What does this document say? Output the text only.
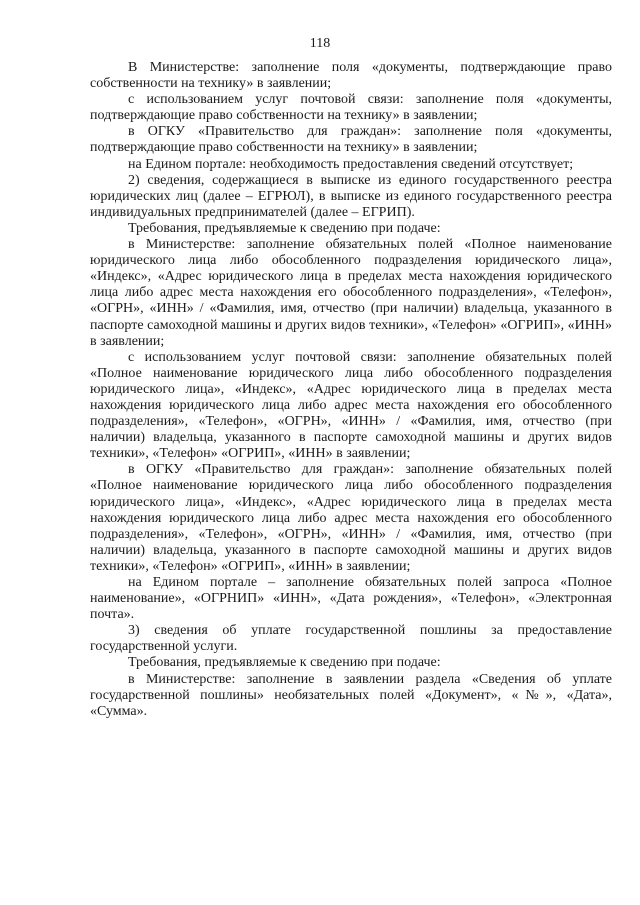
118

В Министерстве: заполнение поля «документы, подтверждающие право собственности на технику» в заявлении;

с использованием услуг почтовой связи: заполнение поля «документы, подтверждающие право собственности на технику» в заявлении;

в ОГКУ «Правительство для граждан»: заполнение поля «документы, подтверждающие право собственности на технику» в заявлении;

на Едином портале: необходимость предоставления сведений отсутствует;

2) сведения, содержащиеся в выписке из единого государственного реестра юридических лиц (далее – ЕГРЮЛ), в выписке из единого государственного реестра индивидуальных предпринимателей (далее – ЕГРИП).

Требования, предъявляемые к сведению при подаче:

в Министерстве: заполнение обязательных полей «Полное наименование юридического лица либо обособленного подразделения юридического лица», «Индекс», «Адрес юридического лица в пределах места нахождения юридического лица либо адрес места нахождения его обособленного подразделения», «Телефон», «ОГРН», «ИНН» / «Фамилия, имя, отчество (при наличии) владельца, указанного в паспорте самоходной машины и других видов техники», «Телефон» «ОГРИП», «ИНН» в заявлении;

с использованием услуг почтовой связи: заполнение обязательных полей «Полное наименование юридического лица либо обособленного подразделения юридического лица», «Индекс», «Адрес юридического лица в пределах места нахождения юридического лица либо адрес места нахождения его обособленного подразделения», «Телефон», «ОГРН», «ИНН» / «Фамилия, имя, отчество (при наличии) владельца, указанного в паспорте самоходной машины и других видов техники», «Телефон» «ОГРИП», «ИНН» в заявлении;

в ОГКУ «Правительство для граждан»: заполнение обязательных полей «Полное наименование юридического лица либо обособленного подразделения юридического лица», «Индекс», «Адрес юридического лица в пределах места нахождения юридического лица либо адрес места нахождения его обособленного подразделения», «Телефон», «ОГРН», «ИНН» / «Фамилия, имя, отчество (при наличии) владельца, указанного в паспорте самоходной машины и других видов техники», «Телефон» «ОГРИП», «ИНН» в заявлении;

на Едином портале – заполнение обязательных полей запроса «Полное наименование», «ОГРНИП» «ИНН», «Дата рождения», «Телефон», «Электронная почта».

3) сведения об уплате государственной пошлины за предоставление государственной услуги.

Требования, предъявляемые к сведению при подаче:

в Министерстве: заполнение в заявлении раздела «Сведения об уплате государственной пошлины» необязательных полей «Документ», «№», «Дата», «Сумма».
